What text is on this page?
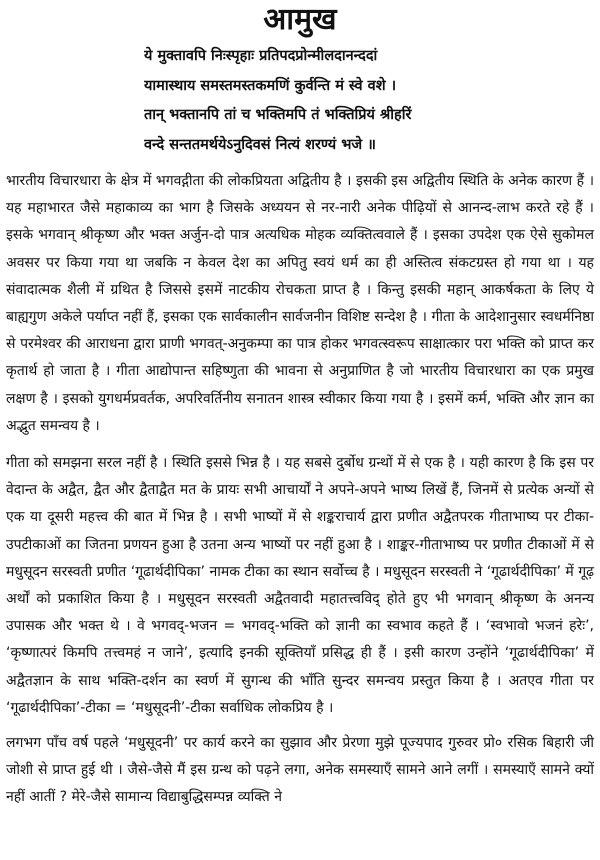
आमुख
ये मुक्तावपि निःस्पृहाः प्रतिपदप्रोन्मीलदानन्ददां
यामास्थाय समस्तमस्तकमणिं कुर्वन्ति मं स्वे वशे ।
तान् भक्तानपि तां च भक्तिमपि तं भक्तिप्रियं श्रीहरिं
वन्दे सन्ततमर्थयेऽनुदिवसं नित्यं शरण्यं भजे ॥

भारतीय विचारधारा के क्षेत्र में भगवद्गीता की लोकप्रियता अद्वितीय है । इसकी इस अद्वितीय स्थिति के अनेक कारण हैं । यह महाभारत जैसे महाकाव्य का भाग है जिसके अध्ययन से नर-नारी अनेक पीढ़ियों से आनन्द-लाभ करते रहे हैं । इसके भगवान् श्रीकृष्ण और भक्त अर्जुन-दो पात्र अत्यधिक मोहक व्यक्तित्ववाले हैं । इसका उपदेश एक ऐसे सुकोमल अवसर पर किया गया था जबकि न केवल देश का अपितु स्वयं धर्म का ही अस्तित्व संकटग्रस्त हो गया था । यह संवादात्मक शैली में ग्रथित है जिससे इसमें नाटकीय रोचकता प्राप्त है । किन्तु इसकी महान् आकर्षकता के लिए ये बाह्यगुण अकेले पर्याप्त नहीं हैं, इसका एक सार्वकालीन सार्वजनीन विशिष्ट सन्देश है । गीता के आदेशानुसार स्वधर्मनिष्ठा से परमेश्वर की आराधना द्वारा प्राणी भगवत्-अनुकम्पा का पात्र होकर भगवत्स्वरूप साक्षात्कार परा भक्ति को प्राप्त कर कृतार्थ हो जाता है । गीता आद्योपान्त सहिष्णुता की भावना से अनुप्राणित है जो भारतीय विचारधारा का एक प्रमुख लक्षण है । इसको युगधर्मप्रवर्तक, अपरिवर्तिनीय सनातन शास्त्र स्वीकार किया गया है । इसमें कर्म, भक्ति और ज्ञान का अद्भुत समन्वय है ।

गीता को समझना सरल नहीं है । स्थिति इससे भिन्न है । यह सबसे दुर्बोध ग्रन्थों में से एक है । यही कारण है कि इस पर वेदान्त के अद्वैत, द्वैत और द्वैताद्वैत मत के प्रायः सभी आचार्यों ने अपने-अपने भाष्य लिखें हैं, जिनमें से प्रत्येक अन्यों से एक या दूसरी महत्त्व की बात में भिन्न है । सभी भाष्यों में से शङ्कराचार्य द्वारा प्रणीत अद्वैतपरक गीताभाष्य पर टीका-उपटीकाओं का जितना प्रणयन हुआ है उतना अन्य भाष्यों पर नहीं हुआ है । शाङ्कर-गीताभाष्य पर प्रणीत टीकाओं में से मधुसूदन सरस्वती प्रणीत ‘गूढार्थदीपिका’ नामक टीका का स्थान सर्वोच्च है । मधुसूदन सरस्वती ने ‘गूढार्थदीपिका’ में गूढ़ अर्थों को प्रकाशित किया है । मधुसूदन सरस्वती अद्वैतवादी महातत्त्वविद् होते हुए भी भगवान् श्रीकृष्ण के अनन्य उपासक और भक्त थे । वे भगवद्-भजन = भगवद्-भक्ति को ज्ञानी का स्वभाव कहते हैं । ‘स्वभावो भजनं हरेः’, ‘कृष्णात्परं किमपि तत्त्वमहं न जाने’, इत्यादि इनकी सूक्तियाँ प्रसिद्ध ही हैं । इसी कारण उन्होंने ‘गूढार्थदीपिका’ में अद्वैतज्ञान के साथ भक्ति-दर्शन का स्वर्ण में सुगन्ध की भाँति सुन्दर समन्वय प्रस्तुत किया है । अतएव गीता पर ‘गूढार्थदीपिका’-टीका = ‘मधुसूदनी’-टीका सर्वाधिक लोकप्रिय है ।

लगभग पाँच वर्ष पहले ‘मधुसूदनी’ पर कार्य करने का सुझाव और प्रेरणा मुझे पूज्यपाद गुरुवर प्रो० रसिक बिहारी जी जोशी से प्राप्त हुई थी । जैसे-जैसे मैं इस ग्रन्थ को पढ़ने लगा, अनेक समस्याएँ सामने आने लगीं । समस्याएँ सामने क्यों नहीं आतीं ? मेरे-जैसे सामान्य विद्याबुद्धिसम्पन्न व्यक्ति ने
